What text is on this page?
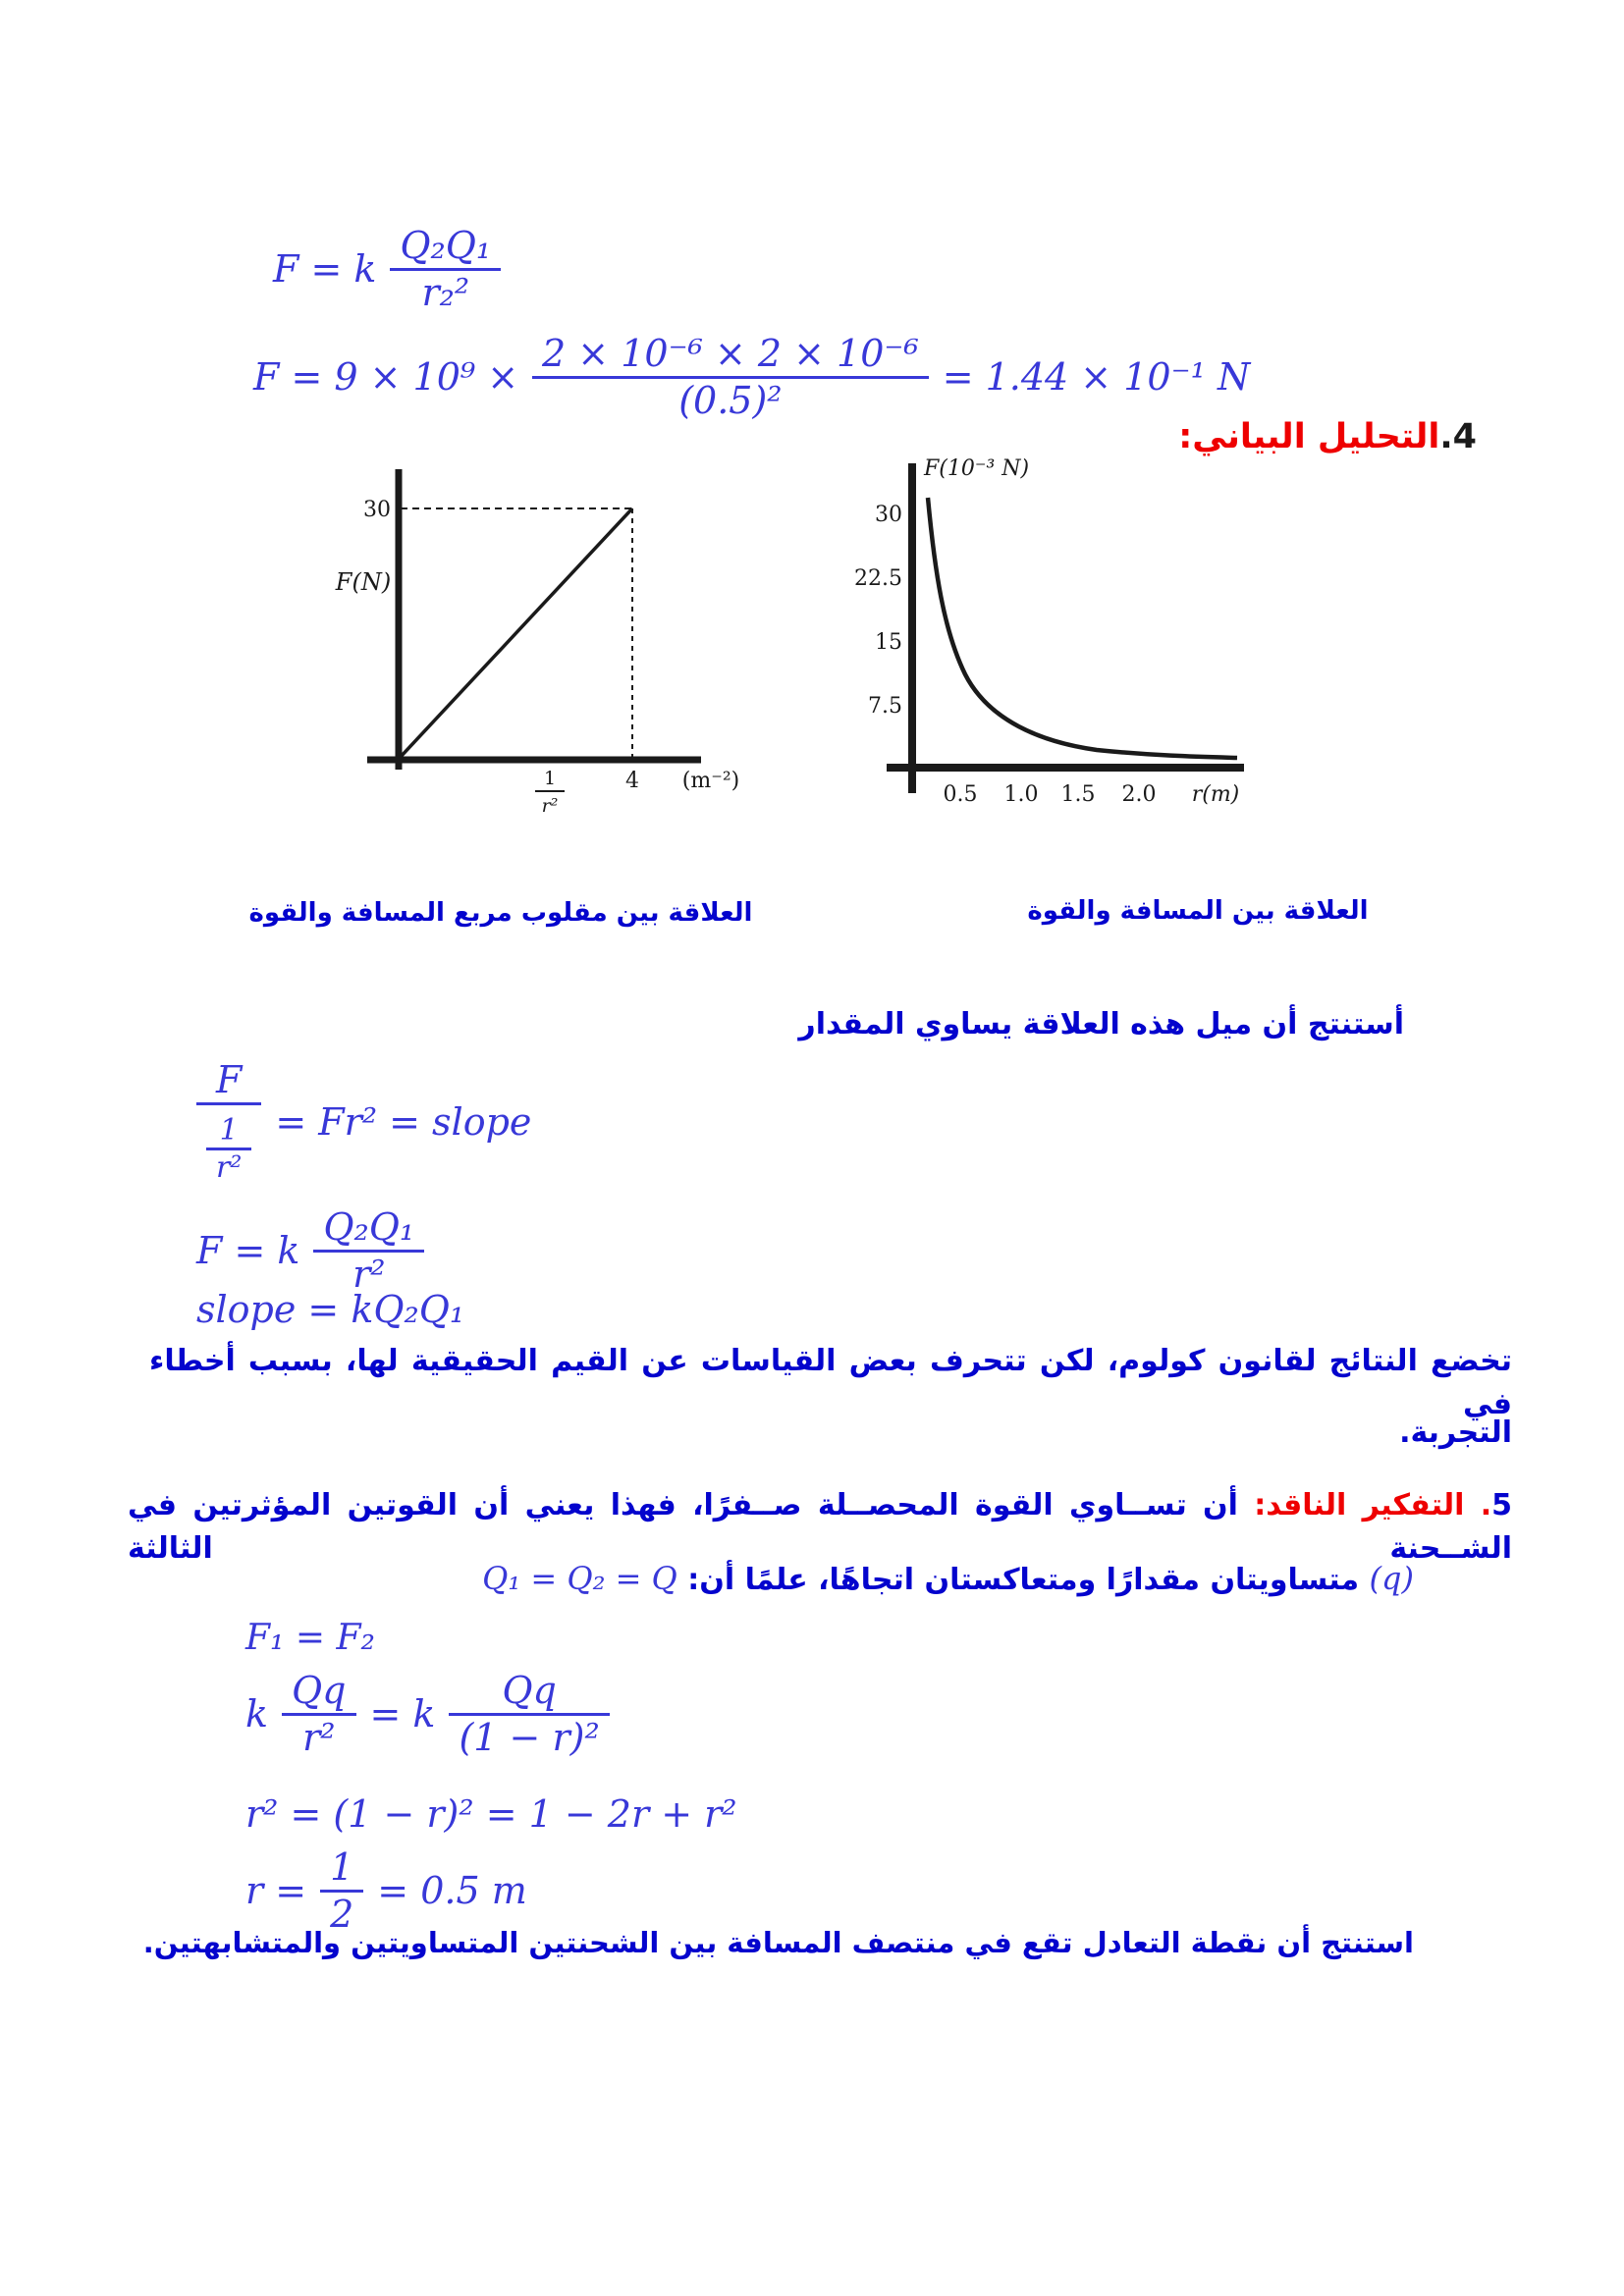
F = k $\frac{\text{Q₂Q₁}}{\text{r₂²}}$
$F = 9 \times 10^9 \times \frac{\text{2 × 10⁻⁶ × 2 × 10⁻⁶}}{\text{(0.5)²}} = 1.44 \times 10^{-1}$ N
4.التحليل البياني:
30
F(N)
1
r²
4 (m⁻²)
F(10⁻³ N)
30
22.5
15
7.5
0.5 1.0 1.5 2.0 r(m)
العلاقة بين مقلوب مربع المسافة والقوة	العلاقة بين المسافة والقوة
أستنتج أن ميل هذه العلاقة يساوي المقدار
$\frac{F}{\frac{1}{\text{r²}}} = Fr^2$ = slope
F = k $\frac{\text{Q₂Q₁}}{\text{r²}}$
slope = kQ₂Q₁
تخضع النتائج لقانون كولوم، لكن تتحرف بعض القياسات عن القيم الحقيقية لها، بسبب أخطاء في
التجربة.
5. التفكير الناقد: أن تســاوي القوة المحصــلة صــفرًا، فهذا يعني أن القوتين المؤثرتين في الشــحنة الثالثة
(q) متساويتان مقدارًا ومتعاكستان اتجاهًا، علمًا أن: Q₁ = Q₂ = Q
F₁ = F₂
k $\frac{Qq}{\text{r²}} = k \frac{Qq}{\text{(1 − r)²}}$
r² = (1 − r)² = 1 − 2r + r²
$r = \frac{1}{2} = 0.5$ m
استنتج أن نقطة التعادل تقع في منتصف المسافة بين الشحنتين المتساويتين والمتشابهتين.
